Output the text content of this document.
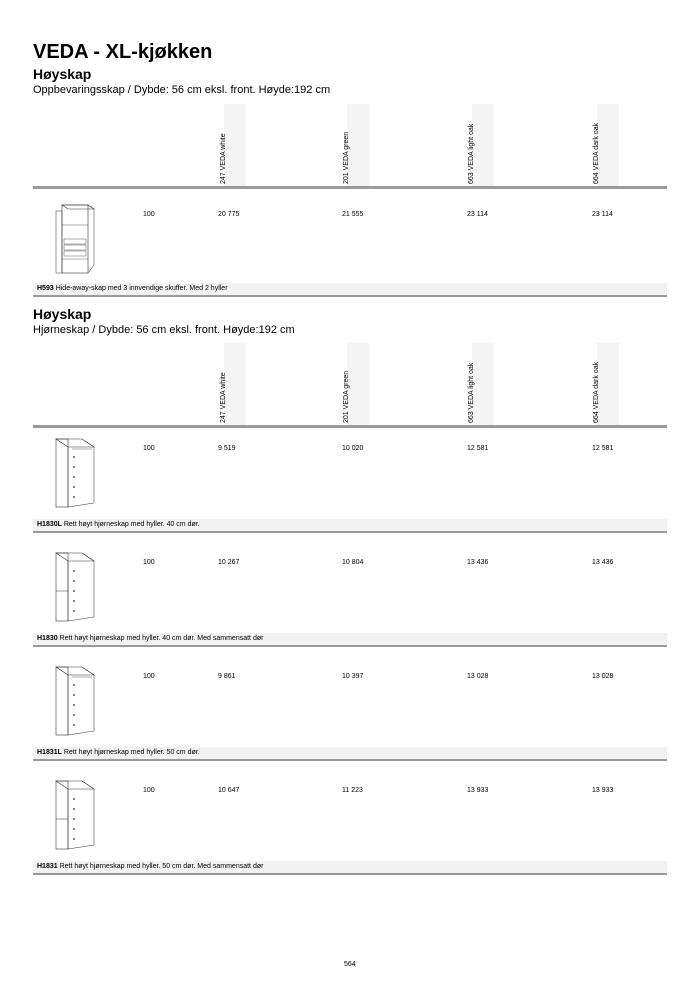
VEDA - XL-kjøkken
Høyskap
Oppbevaringsskap / Dybde: 56 cm eksl. front. Høyde:192 cm
247 VEDA white	201 VEDA green	663 VEDA light oak	664 VEDA dark oak
100	20 775	21 555	23 114	23 114
H593 Hide-away-skap med 3 innvendige skuffer. Med 2 hyller
Høyskap
Hjørneskap / Dybde: 56 cm eksl. front. Høyde:192 cm
247 VEDA white	201 VEDA green	663 VEDA light oak	664 VEDA dark oak
100	9 519	10 020	12 581	12 581
H1830L Rett høyt hjørneskap med hyller. 40 cm dør.
100	10 267	10 804	13 436	13 436
H1830 Rett høyt hjørneskap med hyller. 40 cm dør. Med sammensatt dør
100	9 861	10 397	13 028	13 028
H1831L Rett høyt hjørneskap med hyller. 50 cm dør.
100	10 647	11 223	13 933	13 933
H1831 Rett høyt hjørneskap med hyller. 50 cm dør. Med sammensatt dør
564
